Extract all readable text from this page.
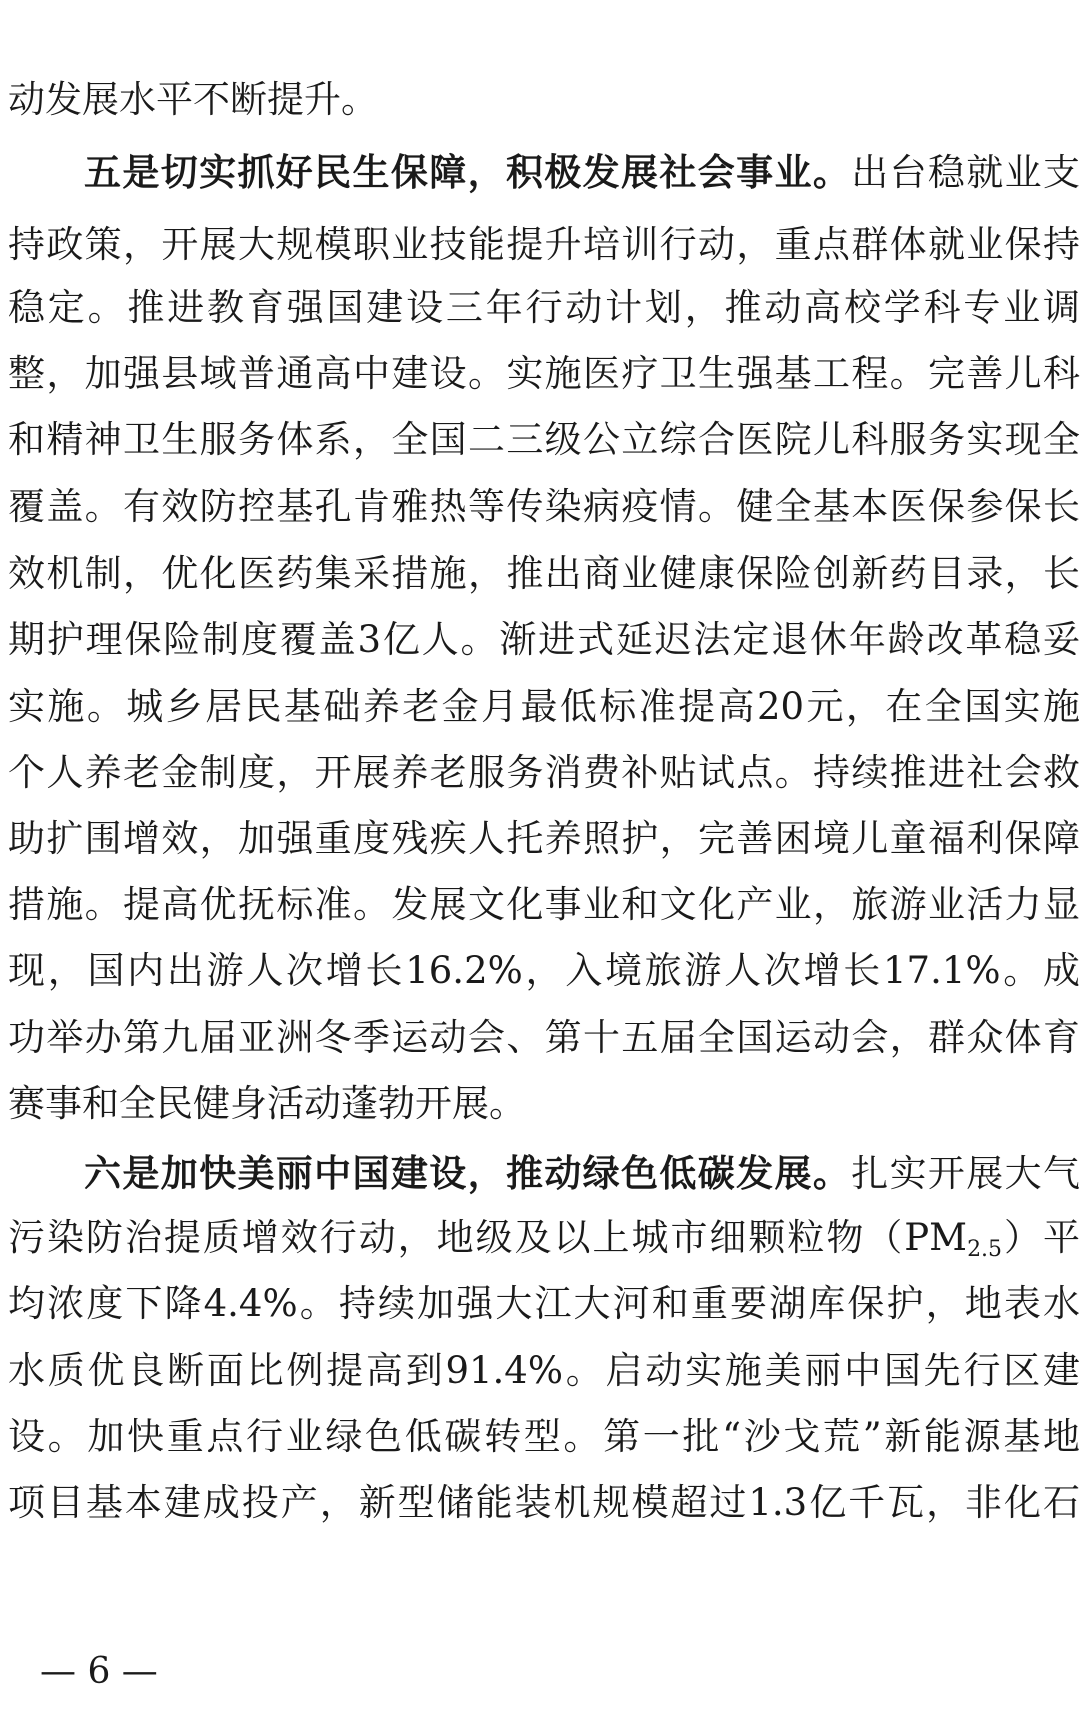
动发展水平不断提升。
五是切实抓好民生保障，积极发展社会事业。出台稳就业支
持政策，开展大规模职业技能提升培训行动，重点群体就业保持
稳定。推进教育强国建设三年行动计划，推动高校学科专业调
整，加强县域普通高中建设。实施医疗卫生强基工程。完善儿科
和精神卫生服务体系，全国二三级公立综合医院儿科服务实现全
覆盖。有效防控基孔肯雅热等传染病疫情。健全基本医保参保长
效机制，优化医药集采措施，推出商业健康保险创新药目录，长
期护理保险制度覆盖3亿人。渐进式延迟法定退休年龄改革稳妥
实施。城乡居民基础养老金月最低标准提高20元，在全国实施
个人养老金制度，开展养老服务消费补贴试点。持续推进社会救
助扩围增效，加强重度残疾人托养照护，完善困境儿童福利保障
措施。提高优抚标准。发展文化事业和文化产业，旅游业活力显
现，国内出游人次增长16.2%，入境旅游人次增长17.1%。成
功举办第九届亚洲冬季运动会、第十五届全国运动会，群众体育
赛事和全民健身活动蓬勃开展。
六是加快美丽中国建设，推动绿色低碳发展。扎实开展大气
污染防治提质增效行动，地级及以上城市细颗粒物$(PM_{2.5})$平
均浓度下降4.4%。持续加强大江大河和重要湖库保护，地表水
水质优良断面比例提高到91.4%。启动实施美丽中国先行区建
设。加快重点行业绿色低碳转型。第一批“沙戈荒”新能源基地
项目基本建成投产，新型储能装机规模超过1.3亿千瓦，非化石
— 6 —
